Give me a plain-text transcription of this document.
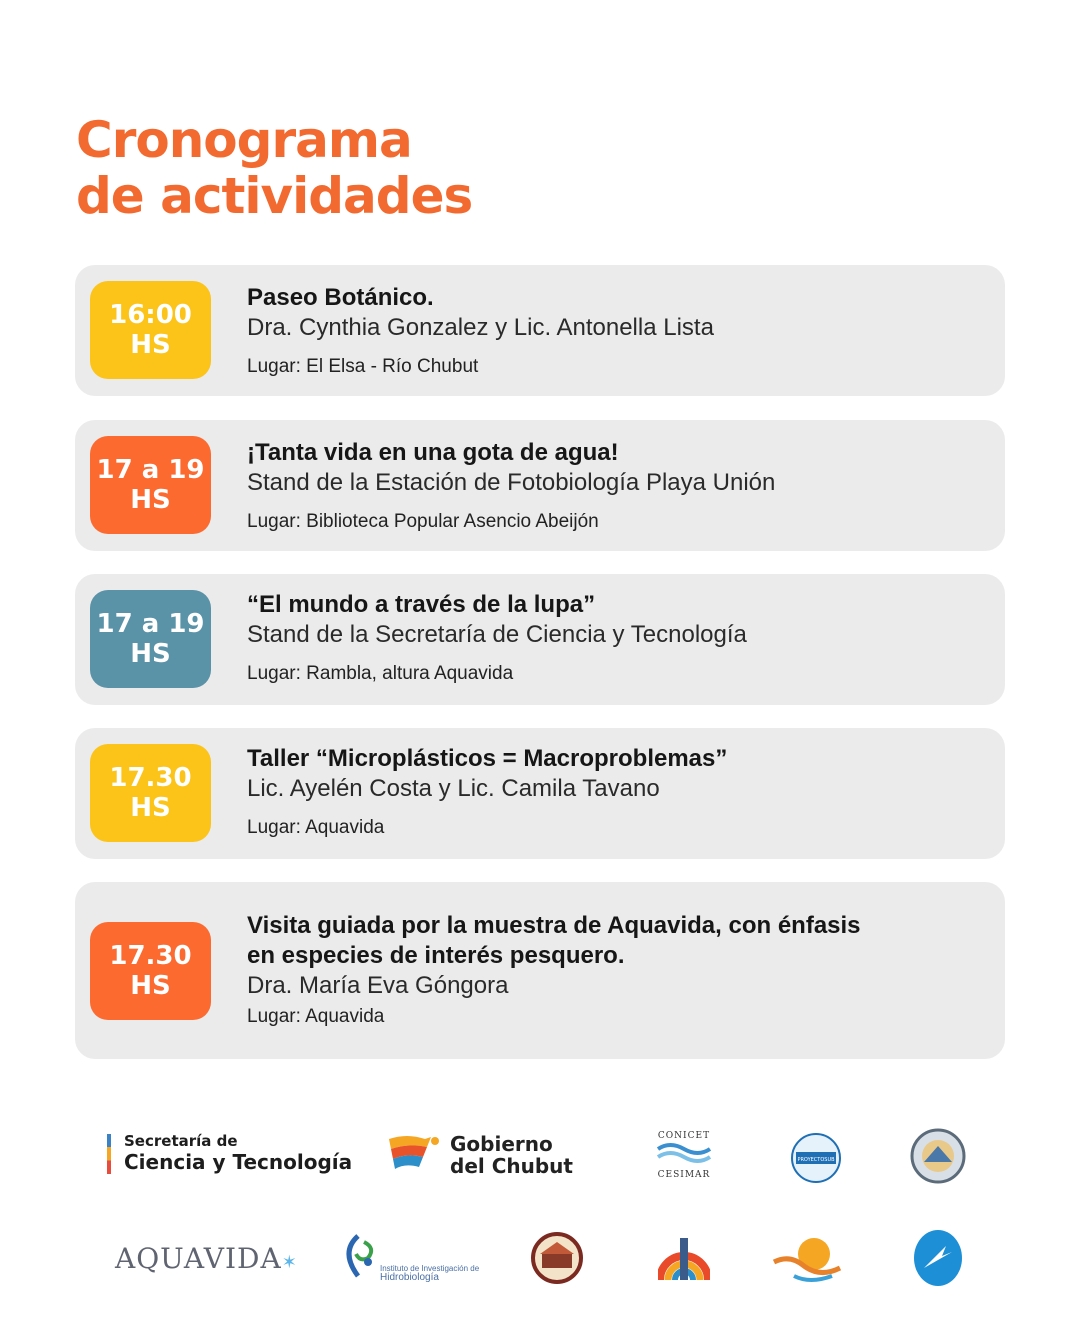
Cronograma
de actividades
16:00
HS
Paseo Botánico.
Dra. Cynthia Gonzalez y Lic. Antonella Lista
Lugar: El Elsa - Río Chubut
17 a 19
HS
¡Tanta vida en una gota de agua!
Stand de la Estación de Fotobiología Playa Unión
Lugar: Biblioteca Popular Asencio Abeijón
17 a 19
HS
“El mundo a través de la lupa”
Stand de la Secretaría de Ciencia y Tecnología
Lugar: Rambla, altura Aquavida
17.30
HS
Taller “Microplásticos = Macroproblemas”
Lic. Ayelén Costa y Lic. Camila Tavano
Lugar: Aquavida
17.30
HS
Visita guiada por la muestra de Aquavida, con énfasis
en especies de interés pesquero.
Dra. María Eva Góngora
Lugar: Aquavida
Secretaría de
Ciencia y Tecnología
Gobierno
del Chubut
CONICET
CESIMAR
PROYECTOSUB
AQUAVIDA✶	Instituto de Investigación de
Hidrobiología
